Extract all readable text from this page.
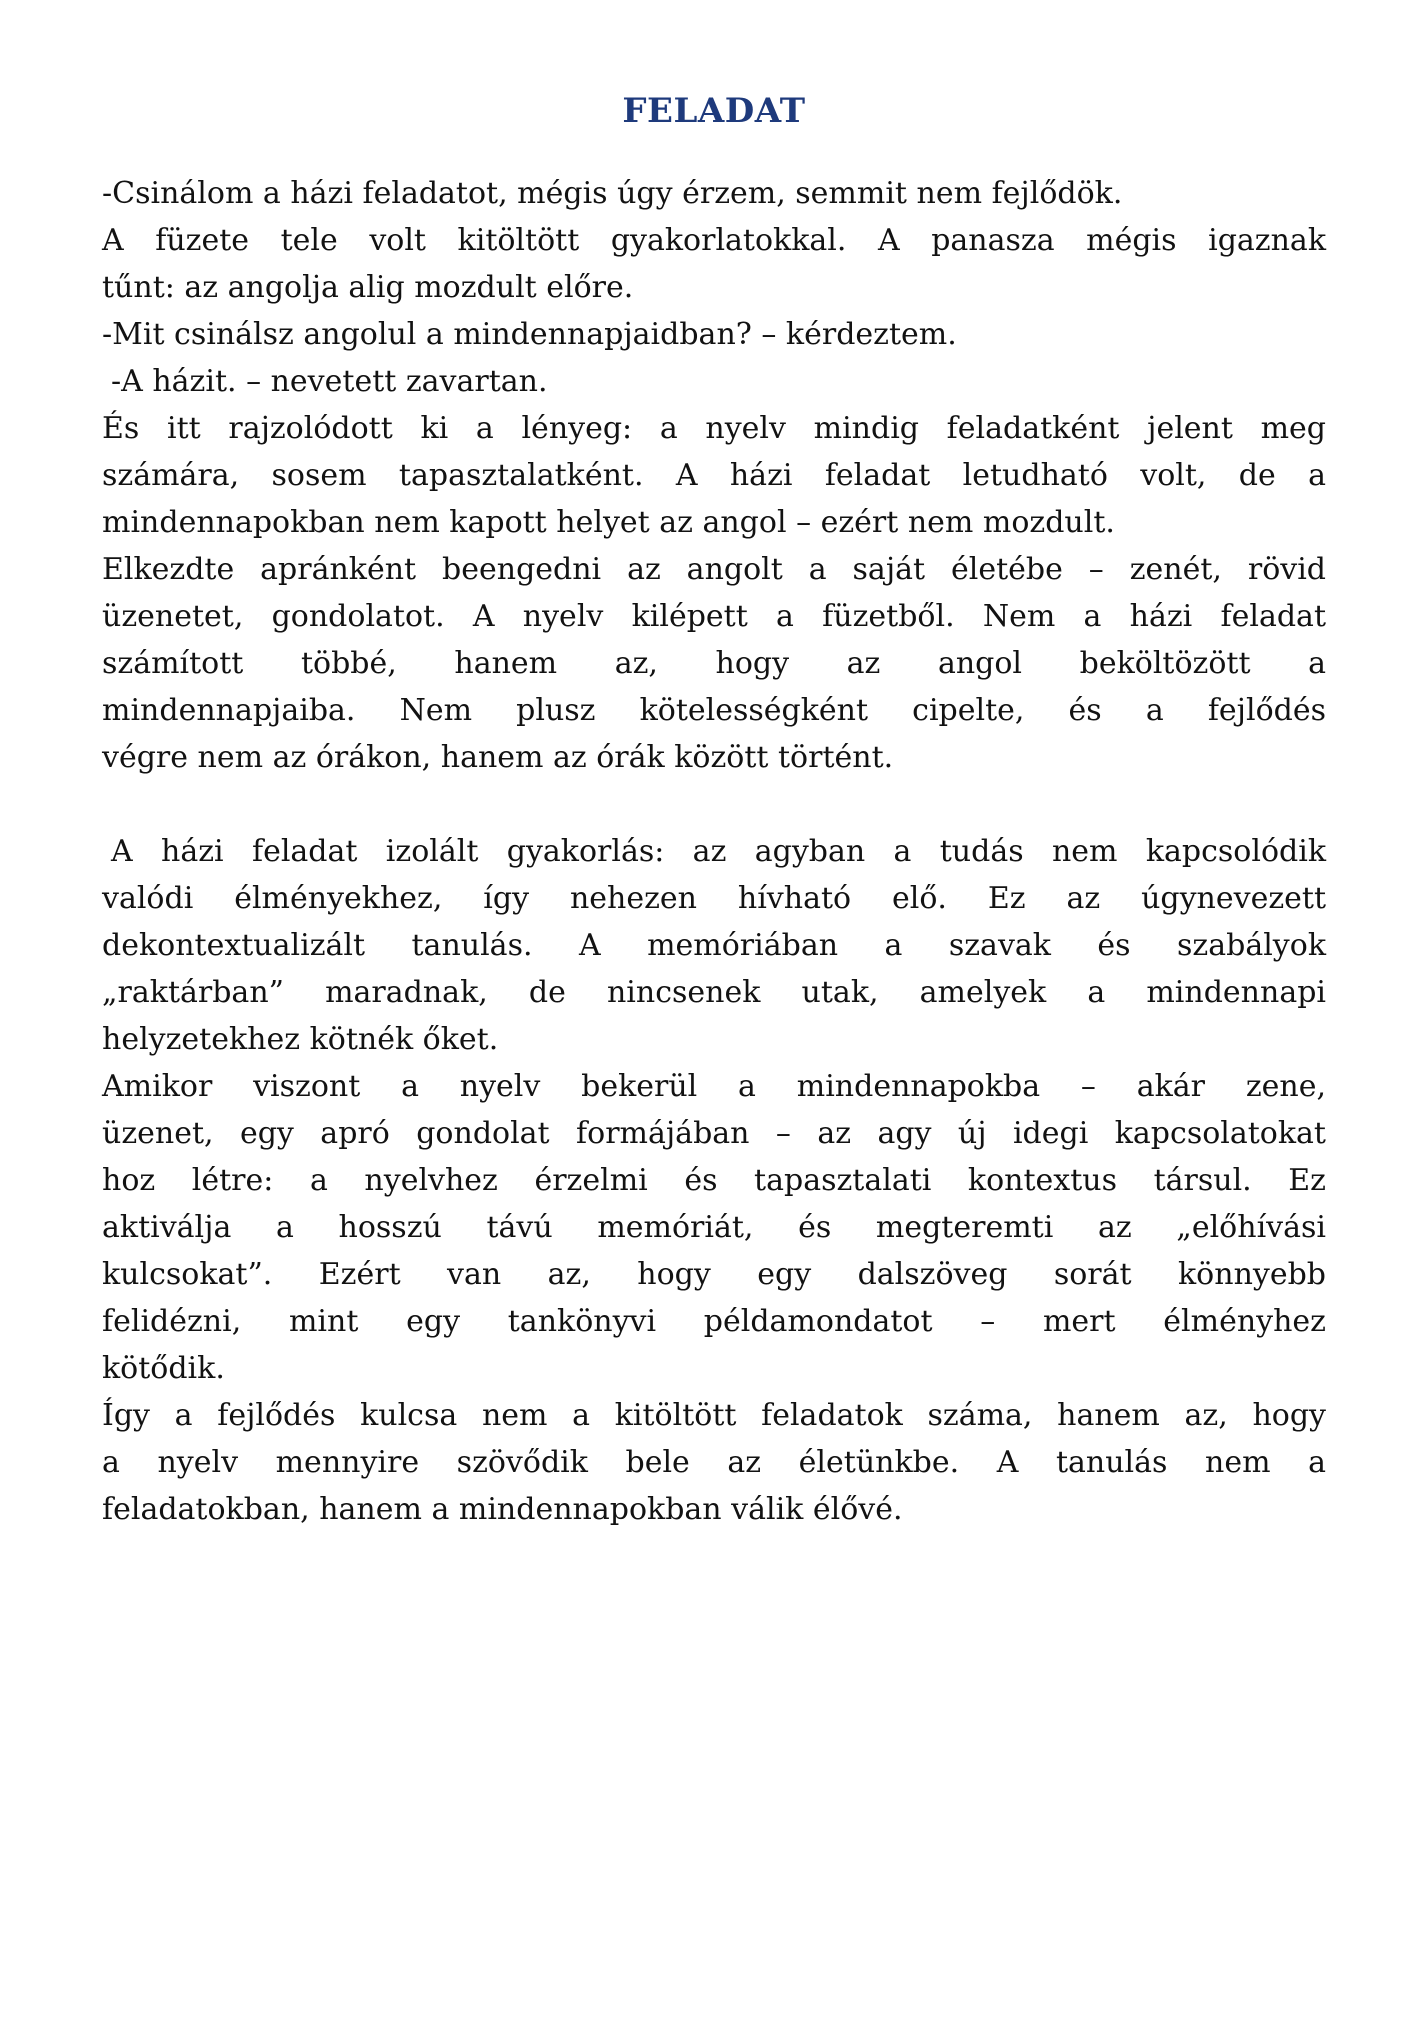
FELADAT
-Csinálom a házi feladatot, mégis úgy érzem, semmit nem fejlődök.
A füzete tele volt kitöltött gyakorlatokkal. A panasza mégis igaznak
tűnt: az angolja alig mozdult előre.
-Mit csinálsz angolul a mindennapjaidban? – kérdeztem.
-A házit. – nevetett zavartan.
És itt rajzolódott ki a lényeg: a nyelv mindig feladatként jelent meg
számára, sosem tapasztalatként. A házi feladat letudható volt, de a
mindennapokban nem kapott helyet az angol – ezért nem mozdult.
Elkezdte apránként beengedni az angolt a saját életébe – zenét, rövid
üzenetet, gondolatot. A nyelv kilépett a füzetből. Nem a házi feladat
számított többé, hanem az, hogy az angol beköltözött a
mindennapjaiba. Nem plusz kötelességként cipelte, és a fejlődés
végre nem az órákon, hanem az órák között történt.
A házi feladat izolált gyakorlás: az agyban a tudás nem kapcsolódik
valódi élményekhez, így nehezen hívható elő. Ez az úgynevezett
dekontextualizált tanulás. A memóriában a szavak és szabályok
„raktárban” maradnak, de nincsenek utak, amelyek a mindennapi
helyzetekhez kötnék őket.
Amikor viszont a nyelv bekerül a mindennapokba – akár zene,
üzenet, egy apró gondolat formájában – az agy új idegi kapcsolatokat
hoz létre: a nyelvhez érzelmi és tapasztalati kontextus társul. Ez
aktiválja a hosszú távú memóriát, és megteremti az „előhívási
kulcsokat”. Ezért van az, hogy egy dalszöveg sorát könnyebb
felidézni, mint egy tankönyvi példamondatot – mert élményhez
kötődik.
Így a fejlődés kulcsa nem a kitöltött feladatok száma, hanem az, hogy
a nyelv mennyire szövődik bele az életünkbe. A tanulás nem a
feladatokban, hanem a mindennapokban válik élővé.
